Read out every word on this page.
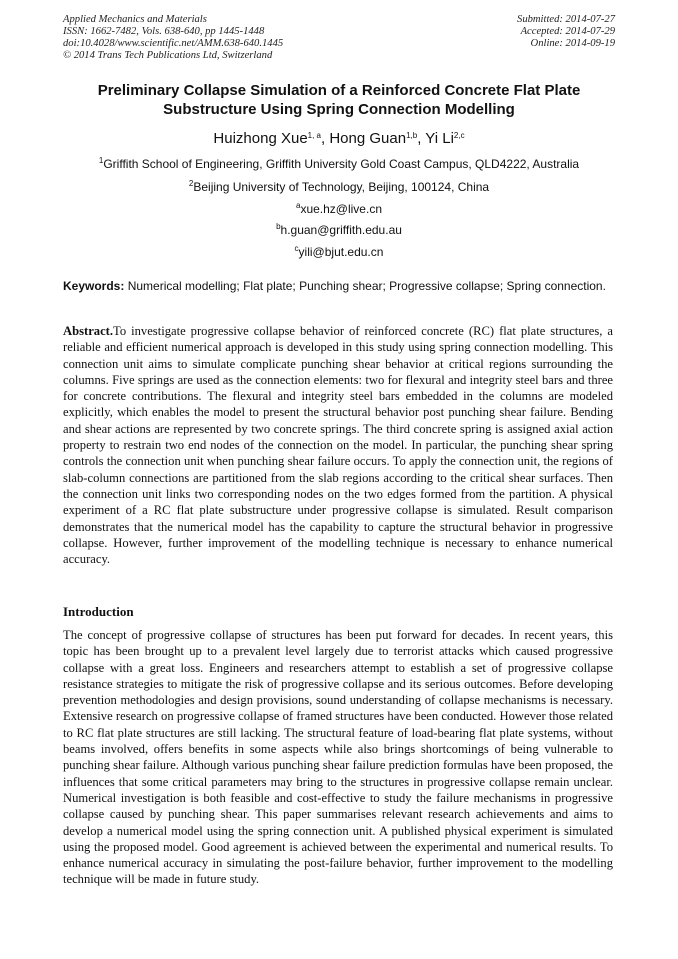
Applied Mechanics and Materials
ISSN: 1662-7482, Vols. 638-640, pp 1445-1448
doi:10.4028/www.scientific.net/AMM.638-640.1445
© 2014 Trans Tech Publications Ltd, Switzerland
Submitted: 2014-07-27
Accepted: 2014-07-29
Online: 2014-09-19
Preliminary Collapse Simulation of a Reinforced Concrete Flat Plate
Substructure Using Spring Connection Modelling
Huizhong Xue$^{1, a}$, Hong Guan$^{1,b}$, Yi Li$^{2,c}$
$^1$Griffith School of Engineering, Griffith University Gold Coast Campus, QLD4222, Australia
$^2$Beijing University of Technology, Beijing, 100124, China
$^a$xue.hz@live.cn
$^b$h.guan@griffith.edu.au
$^c$yili@bjut.edu.cn
Keywords: Numerical modelling; Flat plate; Punching shear; Progressive collapse; Spring connection.
Abstract.To investigate progressive collapse behavior of reinforced concrete (RC) flat plate structures, a reliable and efficient numerical approach is developed in this study using spring connection modelling. This connection unit aims to simulate complicate punching shear behavior at critical regions surrounding the columns. Five springs are used as the connection elements: two for flexural and integrity steel bars and three for concrete contributions. The flexural and integrity steel bars embedded in the columns are modeled explicitly, which enables the model to present the structural behavior post punching shear failure. Bending and shear actions are represented by two concrete springs. The third concrete spring is assigned axial action property to restrain two end nodes of the connection on the model. In particular, the punching shear spring controls the connection unit when punching shear failure occurs. To apply the connection unit, the regions of slab-column connections are partitioned from the slab regions according to the critical shear surfaces. Then the connection unit links two corresponding nodes on the two edges formed from the partition. A physical experiment of a RC flat plate substructure under progressive collapse is simulated. Result comparison demonstrates that the numerical model has the capability to capture the structural behavior in progressive collapse. However, further improvement of the modelling technique is necessary to enhance numerical accuracy.
Introduction
The concept of progressive collapse of structures has been put forward for decades. In recent years, this topic has been brought up to a prevalent level largely due to terrorist attacks which caused progressive collapse with a great loss. Engineers and researchers attempt to establish a set of progressive collapse resistance strategies to mitigate the risk of progressive collapse and its serious outcomes. Before developing prevention methodologies and design provisions, sound understanding of collapse mechanisms is necessary. Extensive research on progressive collapse of framed structures have been conducted. However those related to RC flat plate structures are still lacking. The structural feature of load-bearing flat plate systems, without beams involved, offers benefits in some aspects while also brings shortcomings of being vulnerable to punching shear failure. Although various punching shear failure prediction formulas have been proposed, the influences that some critical parameters may bring to the structures in progressive collapse remain unclear. Numerical investigation is both feasible and cost-effective to study the failure mechanisms in progressive collapse caused by punching shear. This paper summarises relevant research achievements and aims to develop a numerical model using the spring connection unit. A published physical experiment is simulated using the proposed model. Good agreement is achieved between the experimental and numerical results. To enhance numerical accuracy in simulating the post-failure behavior, further improvement to the modelling technique will be made in future study.
